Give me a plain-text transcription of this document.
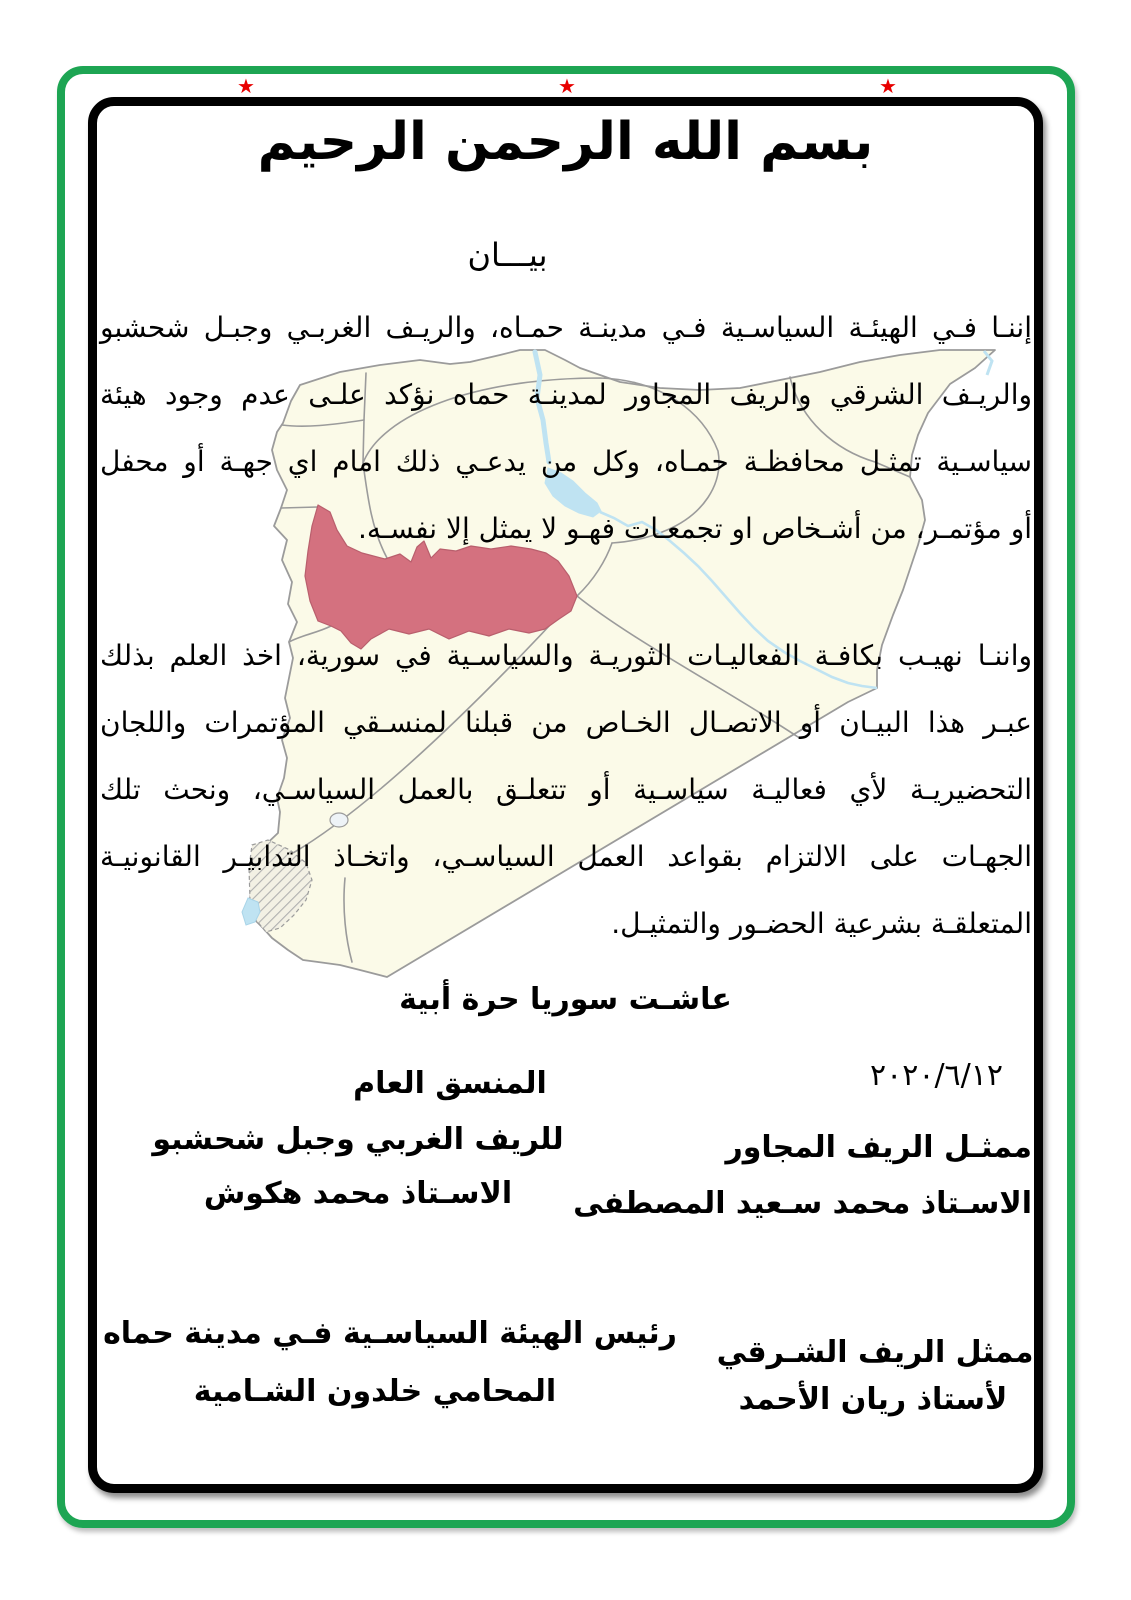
★	★	★
بسم الله الرحمن الرحيم
بيـــان
إننـا فـي الهيئـة السياسـية فـي مدينـة حمـاه، والريـف الغربـي وجبـل شحشبو
والريـف الشرقي والريف المجاور لمدينـة حماه نؤكد علـى عدم وجود هيئة
سياسـية تمثـل محافظـة حمـاه، وكل من يدعـي ذلك امام اي جهـة أو محفل
أو مؤتمـر، من أشـخاص او تجمعـات فهـو لا يمثل إلا نفسـه.
واننـا نهيـب بكافـة الفعاليـات الثوريـة والسياسـية في سورية، اخذ العلم بذلك
عبـر هذا البيـان أو الاتصـال الخـاص من قبلنا لمنسـقي المؤتمرات واللجان
التحضيريـة لأي فعاليـة سياسـية أو تتعلـق بالعمل السياسـي، ونحث تلك
الجهـات على الالتزام بقواعد العمل السياسـي، واتخـاذ التدابيـر القانونيـة
المتعلقـة بشرعية الحضـور والتمثيـل.
عاشـت سوريا حرة أبية
٢٠٢٠/٦/١٢
ممثـل الريف المجاور
الاسـتاذ محمد سـعيد المصطفى
المنسق العام
للريف الغربي وجبل شحشبو
الاسـتاذ محمد هكوش
رئيس الهيئة السياسـية فـي مدينة حماه
المحامي خلدون الشـامية
ممثل الريف الشـرقي
لأستاذ ريان الأحمد
